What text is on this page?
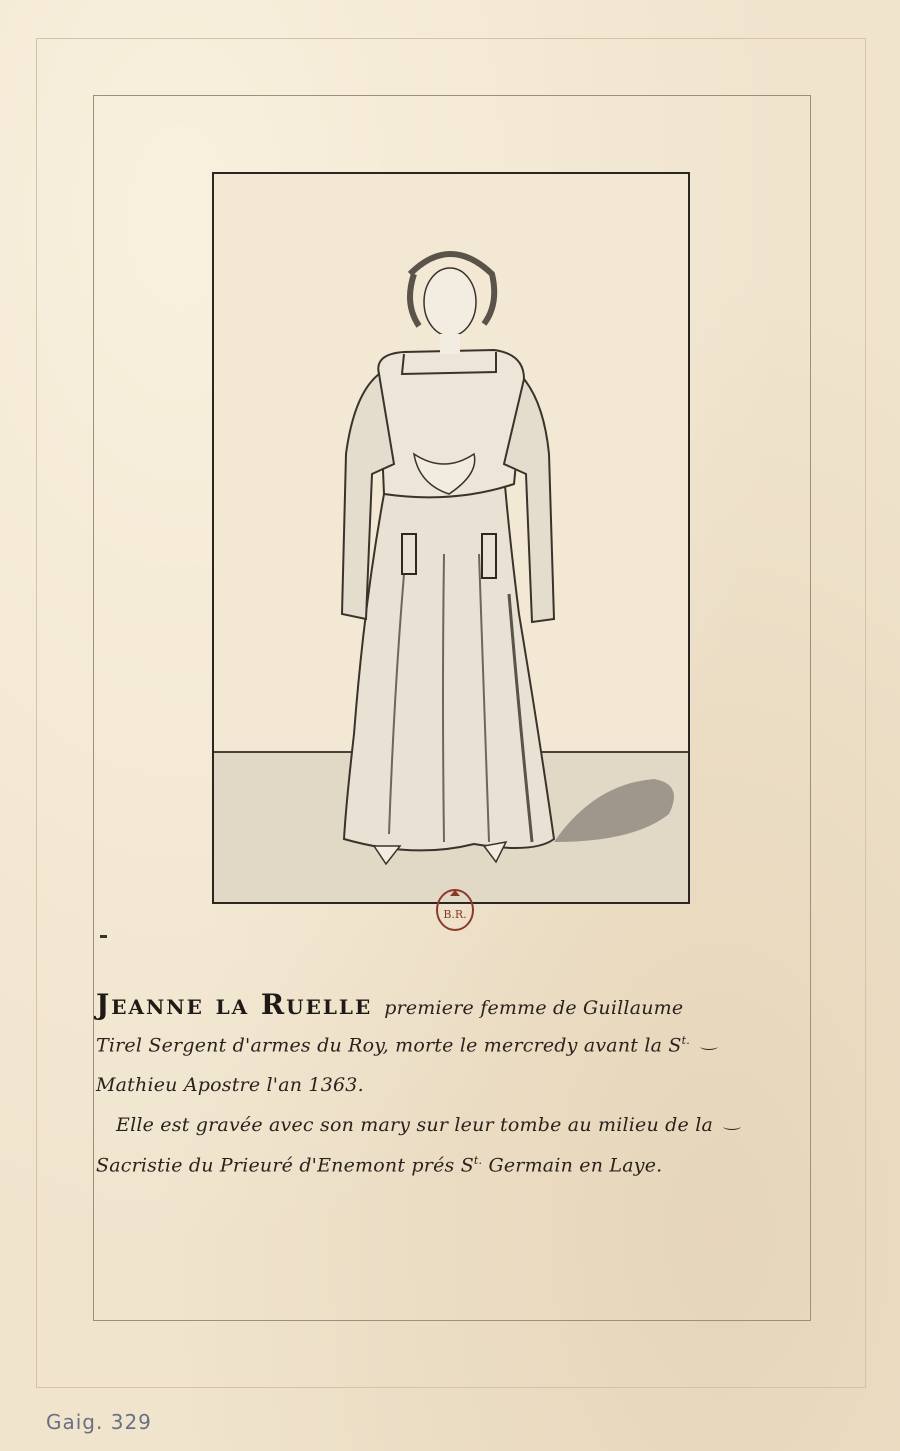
B.R.
Jeanne la Ruelle premiere femme de Guillaume
Tirel Sergent d'armes du Roy, morte le mercredy avant la $S^{t.}$
Mathieu Apostre l'an 1363.
Elle est gravée avec son mary sur leur tombe au milieu de la
Sacristie du Prieuré d'Enemont prés $S^{t.}$ Germain en Laye.
Gaig. 329
